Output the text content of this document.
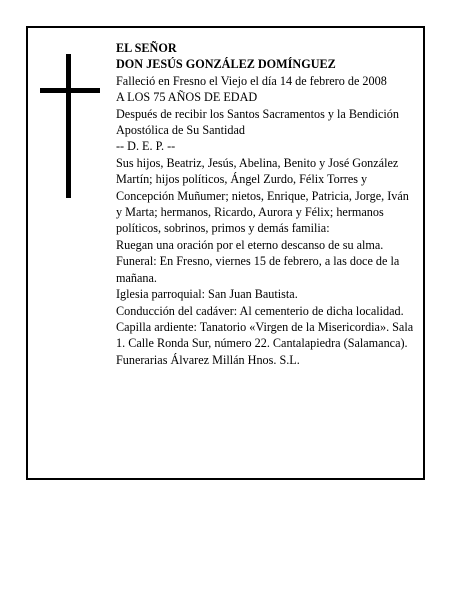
EL SEÑOR

DON JESÚS GONZÁLEZ DOMÍNGUEZ

Falleció en Fresno el Viejo el día 14 de febrero de 2008

A LOS 75 AÑOS DE EDAD

Después de recibir los Santos Sacramentos y la Bendición Apostólica de Su Santidad

-- D. E. P. --

Sus hijos, Beatriz, Jesús, Abelina, Benito y José González Martín; hijos políticos, Ángel Zurdo, Félix Torres y Concepción Muñumer; nietos, Enrique, Patricia, Jorge, Iván y Marta; hermanos, Ricardo, Aurora y Félix; hermanos políticos, sobrinos, primos y demás familia:

Ruegan una oración por el eterno descanso de su alma.

Funeral: En Fresno, viernes 15 de febrero, a las doce de la mañana.

Iglesia parroquial: San Juan Bautista.

Conducción del cadáver: Al cementerio de dicha localidad.

Capilla ardiente: Tanatorio «Virgen de la Misericordia». Sala 1. Calle Ronda Sur, número 22. Cantalapiedra (Salamanca).

Funerarias Álvarez Millán Hnos. S.L.
